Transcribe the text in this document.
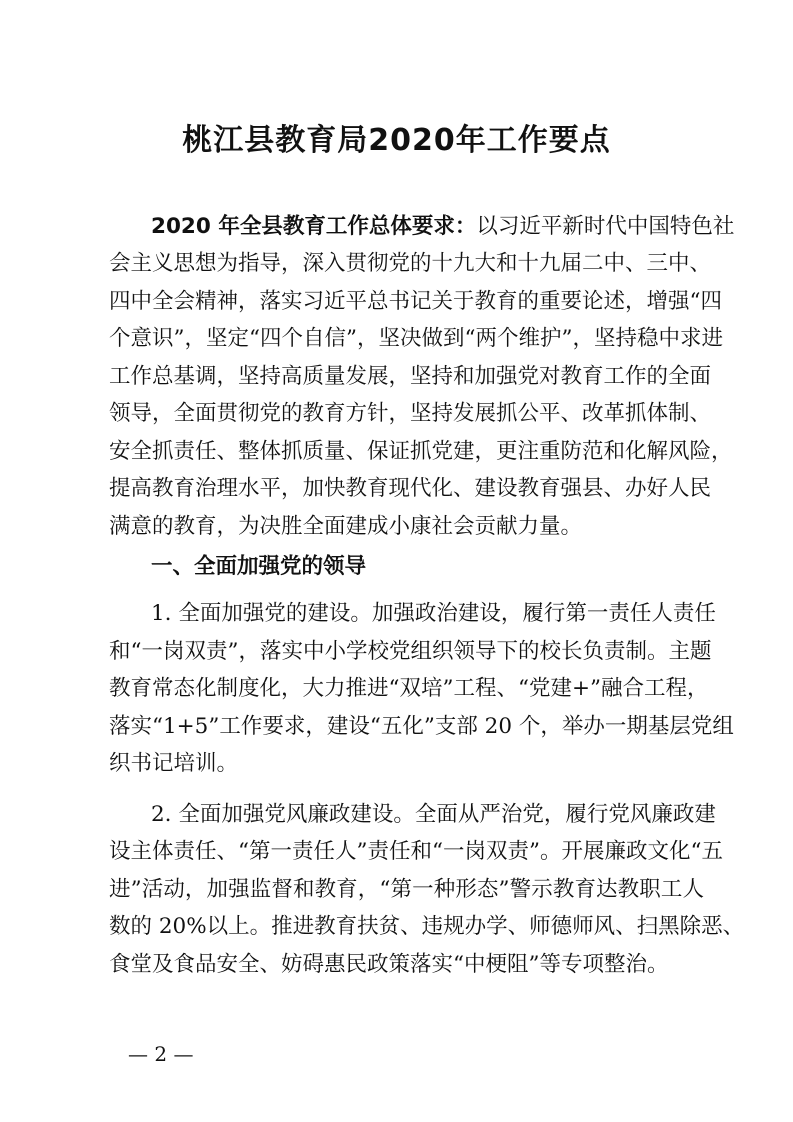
桃江县教育局2020年工作要点
2020 年全县教育工作总体要求：以习近平新时代中国特色社
会主义思想为指导，深入贯彻党的十九大和十九届二中、三中、
四中全会精神，落实习近平总书记关于教育的重要论述，增强“四
个意识”，坚定“四个自信”，坚决做到“两个维护”，坚持稳中求进
工作总基调，坚持高质量发展，坚持和加强党对教育工作的全面
领导，全面贯彻党的教育方针，坚持发展抓公平、改革抓体制、
安全抓责任、整体抓质量、保证抓党建，更注重防范和化解风险，
提高教育治理水平，加快教育现代化、建设教育强县、办好人民
满意的教育，为决胜全面建成小康社会贡献力量。
一、全面加强党的领导
1. 全面加强党的建设。加强政治建设，履行第一责任人责任
和“一岗双责”，落实中小学校党组织领导下的校长负责制。主题
教育常态化制度化，大力推进“双培”工程、“党建+”融合工程，
落实“1+5”工作要求，建设“五化”支部 20 个，举办一期基层党组
织书记培训。
2. 全面加强党风廉政建设。全面从严治党，履行党风廉政建
设主体责任、“第一责任人”责任和“一岗双责”。开展廉政文化“五
进”活动，加强监督和教育，“第一种形态”警示教育达教职工人
数的 20%以上。推进教育扶贫、违规办学、师德师风、扫黑除恶、
食堂及食品安全、妨碍惠民政策落实“中梗阻”等专项整治。
— 2 —
